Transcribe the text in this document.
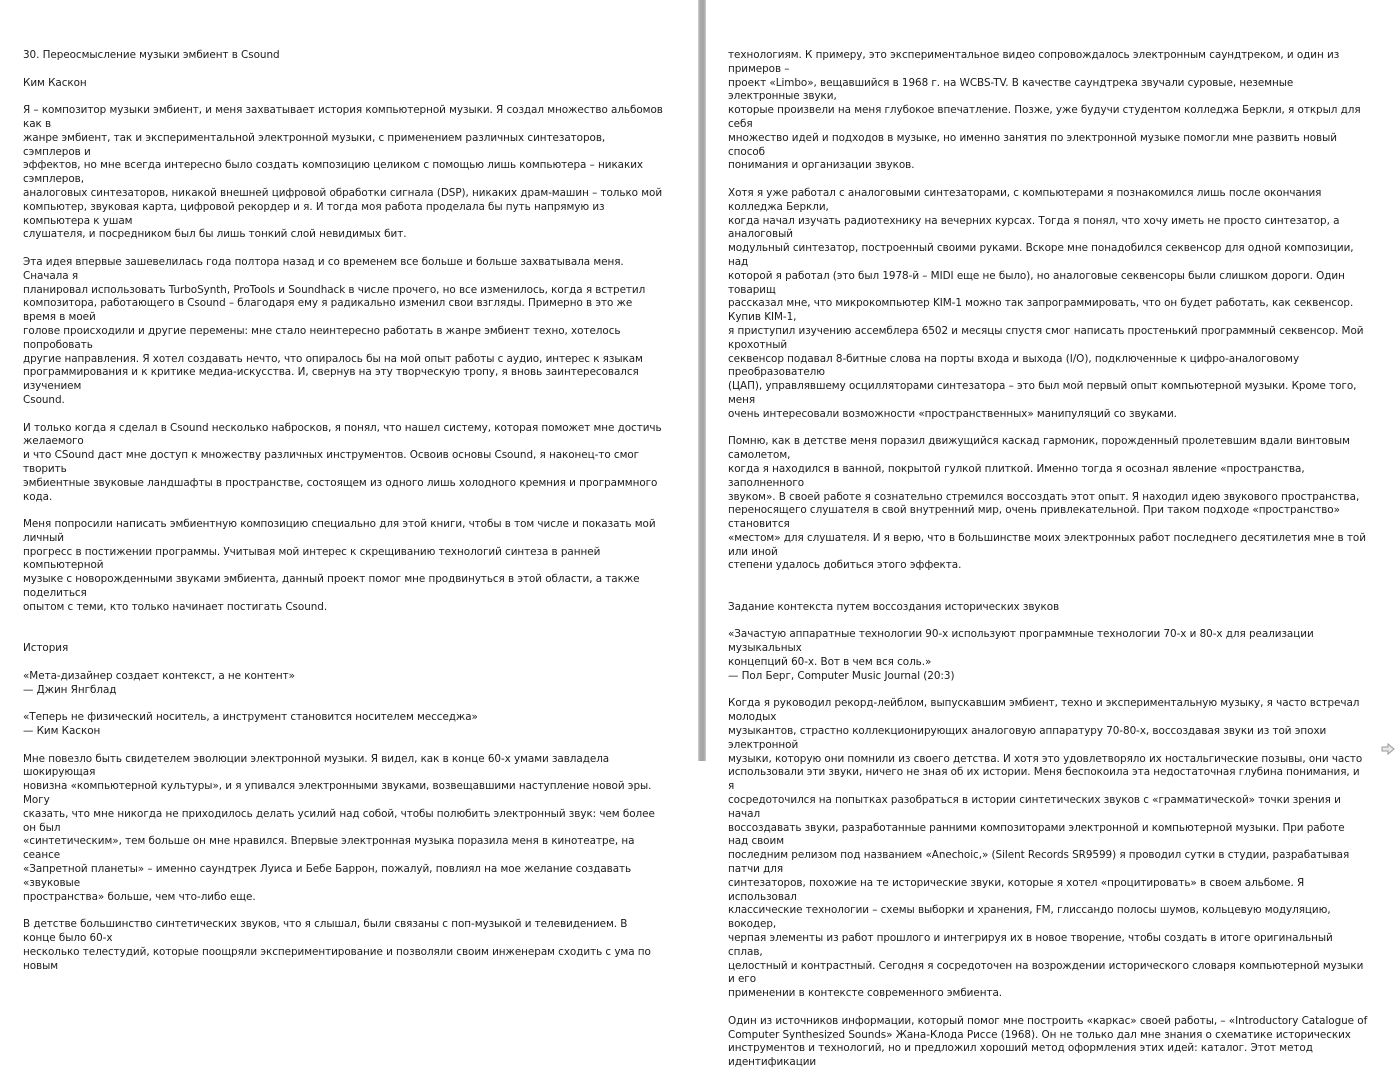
30. Переосмысление музыки эмбиент в Csound

Ким Каскон

Я – композитор музыки эмбиент, и меня захватывает история компьютерной музыки. Я создал множество альбомов как в
жанре эмбиент, так и экспериментальной электронной музыки, с применением различных синтезаторов, сэмплеров и
эффектов, но мне всегда интересно было создать композицию целиком с помощью лишь компьютера – никаких сэмплеров,
аналоговых синтезаторов, никакой внешней цифровой обработки сигнала (DSP), никаких драм-машин – только мой
компьютер, звуковая карта, цифровой рекордер и я. И тогда моя работа проделала бы путь напрямую из компьютера к ушам
слушателя, и посредником был бы лишь тонкий слой невидимых бит.

Эта идея впервые зашевелилась года полтора назад и со временем все больше и больше захватывала меня. Сначала я
планировал использовать TurboSynth, ProTools и Soundhack в числе прочего, но все изменилось, когда я встретил
композитора, работающего в Csound – благодаря ему я радикально изменил свои взгляды. Примерно в это же время в моей
голове происходили и другие перемены: мне стало неинтересно работать в жанре эмбиент техно, хотелось попробовать
другие направления. Я хотел создавать нечто, что опиралось бы на мой опыт работы с аудио, интерес к языкам
программирования и к критике медиа-искусства. И, свернув на эту творческую тропу, я вновь заинтересовался изучением
Csound.

И только когда я сделал в Csound несколько набросков, я понял, что нашел систему, которая поможет мне достичь желаемого
и что CSound даст мне доступ к множеству различных инструментов. Освоив основы Csound, я наконец-то смог творить
эмбиентные звуковые ландшафты в пространстве, состоящем из одного лишь холодного кремния и программного кода.

Меня попросили написать эмбиентную композицию специально для этой книги, чтобы в том числе и показать мой личный
прогресс в постижении программы. Учитывая мой интерес к скрещиванию технологий синтеза в ранней компьютерной
музыке с новорожденными звуками эмбиента, данный проект помог мне продвинуться в этой области, а также поделиться
опытом с теми, кто только начинает постигать Csound.

История

«Мета-дизайнер создает контекст, а не контент»
— Джин Янгблад

«Теперь не физический носитель, а инструмент становится носителем месседжа»
— Ким Каскон

Мне повезло быть свидетелем эволюции электронной музыки. Я видел, как в конце 60-х умами завладела шокирующая
новизна «компьютерной культуры», и я упивался электронными звуками, возвещавшими наступление новой эры. Могу
сказать, что мне никогда не приходилось делать усилий над собой, чтобы полюбить электронный звук: чем более он был
«синтетическим», тем больше он мне нравился. Впервые электронная музыка поразила меня в кинотеатре, на сеансе
«Запретной планеты» – именно саундтрек Луиса и Бебе Баррон, пожалуй, повлиял на мое желание создавать «звуковые
пространства» больше, чем что-либо еще.

В детстве большинство синтетических звуков, что я слышал, были связаны с поп-музыкой и телевидением. В конце было 60-х
несколько телестудий, которые поощряли экспериментирование и позволяли своим инженерам сходить с ума по новым

технологиям. К примеру, это экспериментальное видео сопровождалось электронным саундтреком, и один из примеров –
проект «Limbo», вещавшийся в 1968 г. на WCBS-TV. В качестве саундтрека звучали суровые, неземные электронные звуки,
которые произвели на меня глубокое впечатление. Позже, уже будучи студентом колледжа Беркли, я открыл для себя
множество идей и подходов в музыке, но именно занятия по электронной музыке помогли мне развить новый способ
понимания и организации звуков.

Хотя я уже работал с аналоговыми синтезаторами, с компьютерами я познакомился лишь после окончания колледжа Беркли,
когда начал изучать радиотехнику на вечерних курсах. Тогда я понял, что хочу иметь не просто синтезатор, а аналоговый
модульный синтезатор, построенный своими руками. Вскоре мне понадобился секвенсор для одной композиции, над
которой я работал (это был 1978-й – MIDI еще не было), но аналоговые секвенсоры были слишком дороги. Один товарищ
рассказал мне, что микрокомпьютер KIM-1 можно так запрограммировать, что он будет работать, как секвенсор. Купив KIM-1,
я приступил изучению ассемблера 6502 и месяцы спустя смог написать простенький программный секвенсор. Мой крохотный
секвенсор подавал 8-битные слова на порты входа и выхода (I/O), подключенные к цифро-аналоговому преобразователю
(ЦАП), управлявшему осцилляторами синтезатора – это был мой первый опыт компьютерной музыки. Кроме того, меня
очень интересовали возможности «пространственных» манипуляций со звуками.

Помню, как в детстве меня поразил движущийся каскад гармоник, порожденный пролетевшим вдали винтовым самолетом,
когда я находился в ванной, покрытой гулкой плиткой. Именно тогда я осознал явление «пространства, заполненного
звуком». В своей работе я сознательно стремился воссоздать этот опыт. Я находил идею звукового пространства,
переносящего слушателя в свой внутренний мир, очень привлекательной. При таком подходе «пространство» становится
«местом» для слушателя. И я верю, что в большинстве моих электронных работ последнего десятилетия мне в той или иной
степени удалось добиться этого эффекта.

Задание контекста путем воссоздания исторических звуков

«Зачастую аппаратные технологии 90-х используют программные технологии 70-х и 80-х для реализации музыкальных
концепций 60-х. Вот в чем вся соль.»
— Пол Берг, Computer Music Journal (20:3)

Когда я руководил рекорд-лейблом, выпускавшим эмбиент, техно и экспериментальную музыку, я часто встречал молодых
музыкантов, страстно коллекционирующих аналоговую аппаратуру 70-80-х, воссоздавая звуки из той эпохи электронной
музыки, которую они помнили из своего детства. И хотя это удовлетворяло их ностальгические позывы, они часто
использовали эти звуки, ничего не зная об их истории. Меня беспокоила эта недостаточная глубина понимания, и я
сосредоточился на попытках разобраться в истории синтетических звуков с «грамматической» точки зрения и начал
воссоздавать звуки, разработанные ранними композиторами электронной и компьютерной музыки. При работе над своим
последним релизом под названием «Anechoic,» (Silent Records SR9599) я проводил сутки в студии, разрабатывая патчи для
синтезаторов, похожие на те исторические звуки, которые я хотел «процитировать» в своем альбоме. Я использовал
классические технологии – схемы выборки и хранения, FM, глиссандо полосы шумов, кольцевую модуляцию, вокодер,
черпая элементы из работ прошлого и интегрируя их в новое творение, чтобы создать в итоге оригинальный сплав,
целостный и контрастный. Сегодня я сосредоточен на возрождении исторического словаря компьютерной музыки и его
применении в контексте современного эмбиента.

Один из источников информации, который помог мне построить «каркас» своей работы, – «Introductory Catalogue of
Computer Synthesized Sounds» Жана-Клода Риссе (1968). Он не только дал мне знания о схематике исторических
инструментов и технологий, но и предложил хороший метод оформления этих идей: каталог. Этот метод идентификации
